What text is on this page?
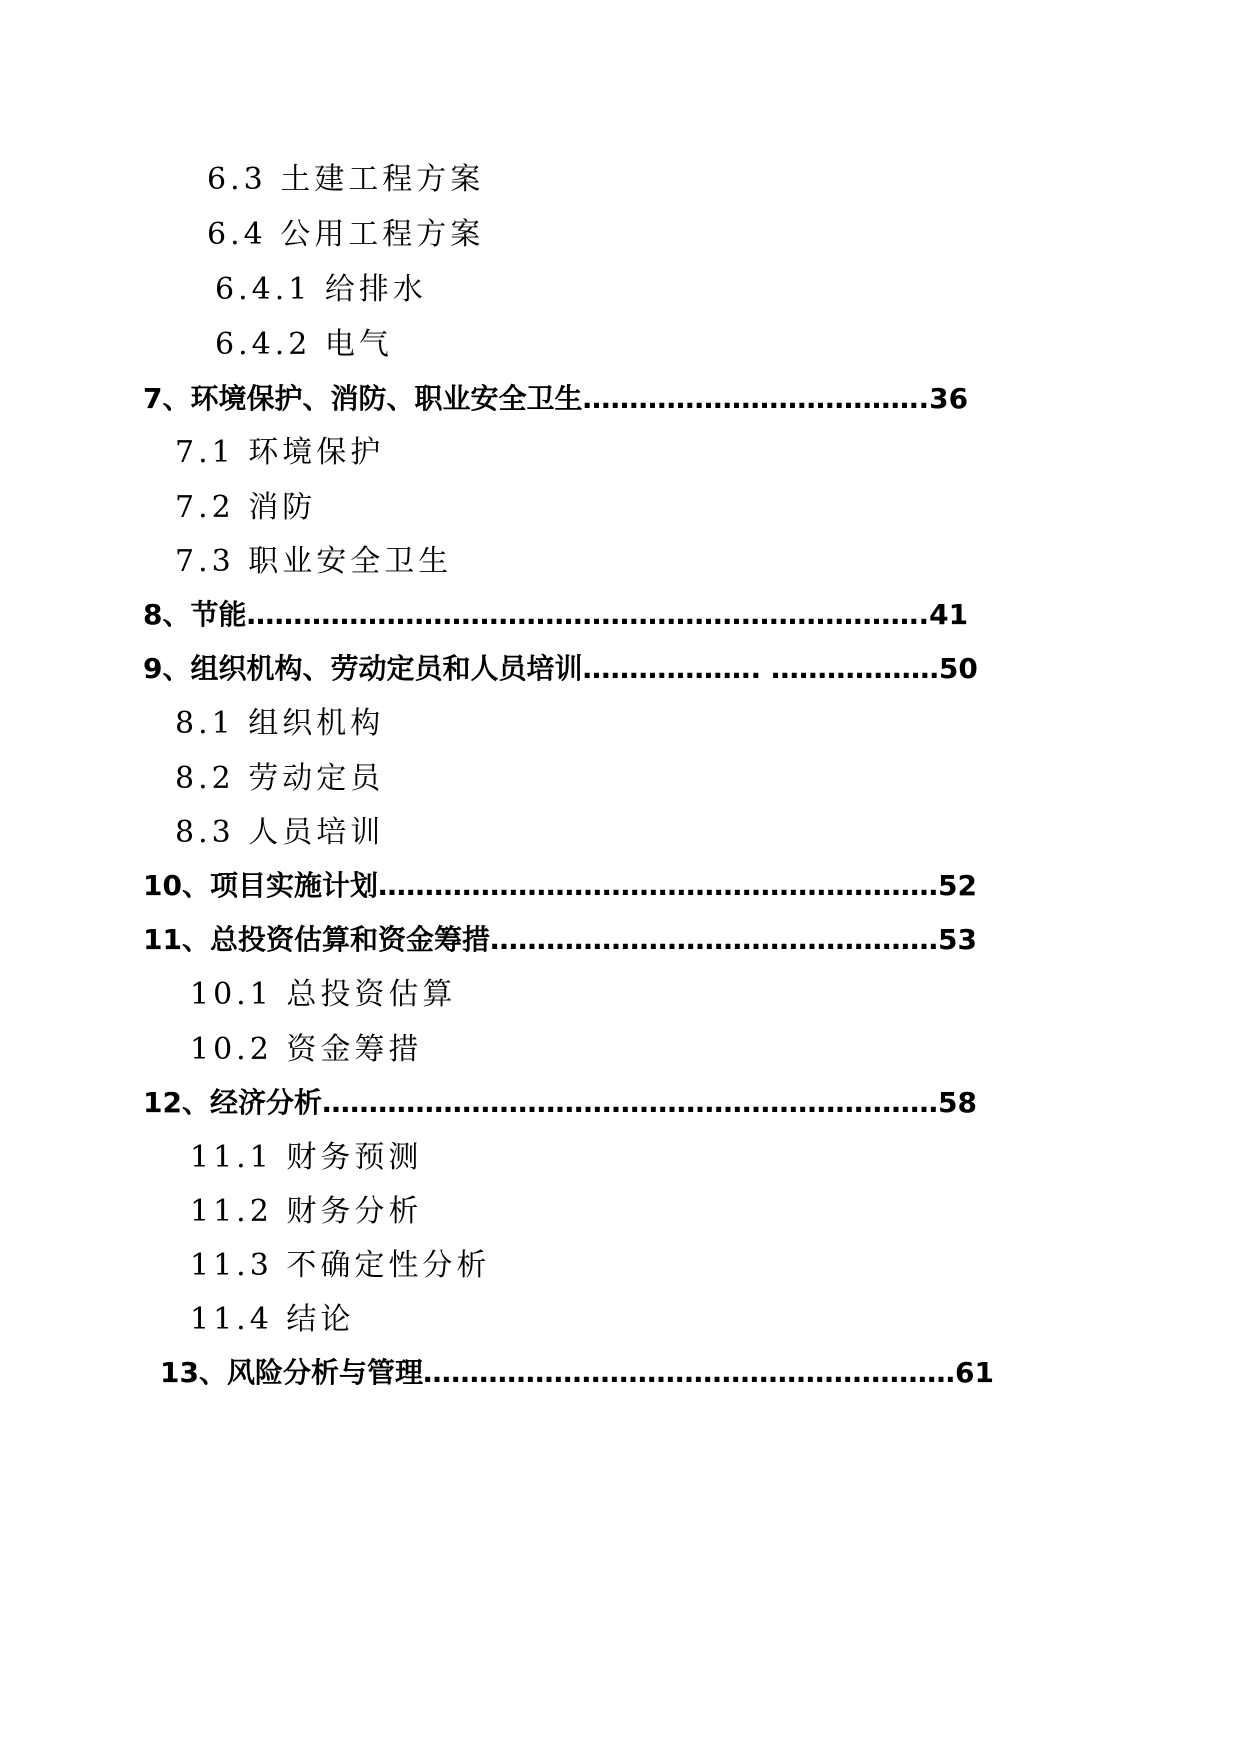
6.3 土建工程方案
6.4 公用工程方案
6.4.1 给排水
6.4.2 电气
7、环境保护、消防、职业安全卫生……………………………….36
7.1 环境保护
7.2 消防
7.3 职业安全卫生
8、节能……………………………………………………………….41
9、组织机构、劳动定员和人员培训………………. ………………50
8.1 组织机构
8.2 劳动定员
8.3 人员培训
10、项目实施计划……………………………………………………52
11、总投资估算和资金筹措…………………………………………53
10.1 总投资估算
10.2 资金筹措
12、经济分析…………………………………………………………58
11.1 财务预测
11.2 财务分析
11.3 不确定性分析
11.4 结论
13、风险分析与管理…………………………………………………61
